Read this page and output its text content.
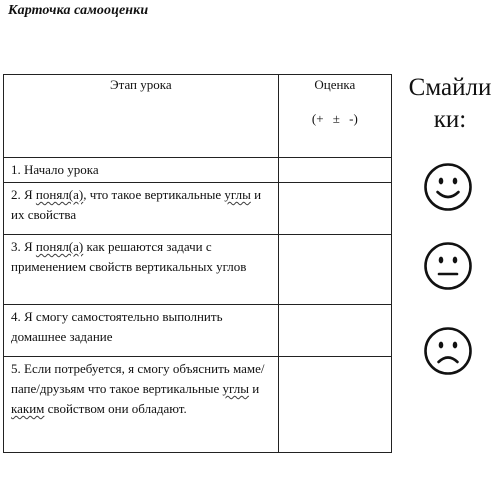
Карточка самооценки
Этап урока	Оценка
(+ ± -)

1. Начало урока	
2. Я понял(а), что такое вертикальные углы и их свойства	
3. Я понял(а) как решаются задачи с применением свойств вертикальных углов	
4. Я смогу самостоятельно выполнить домашнее задание	
5. Если потребуется, я смогу объяснить маме/папе/друзьям что такое вертикальные углы и каким свойством они обладают.	
Смайли
ки:
